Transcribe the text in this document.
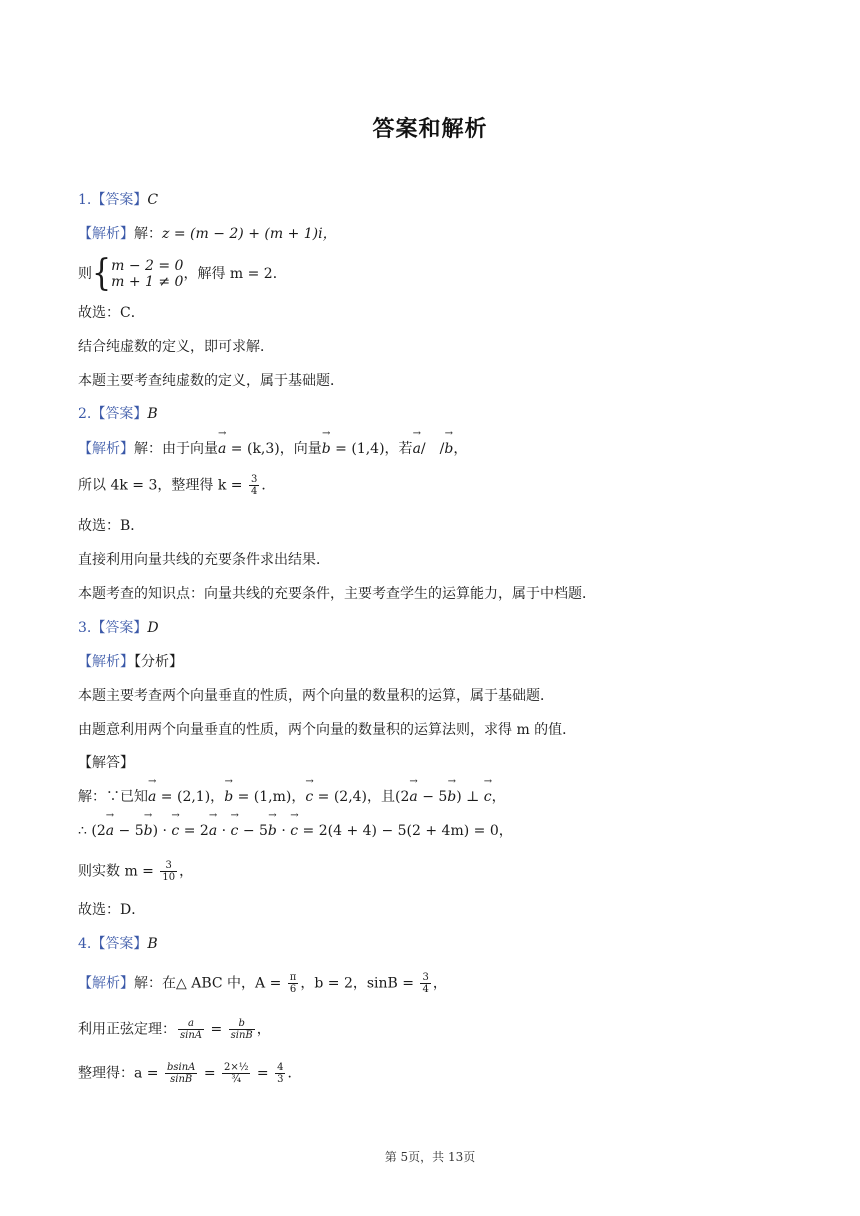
答案和解析
1.【答案】C
【解析】解：z = (m − 2) + (m + 1)i，
则{ m − 2 = 0
m + 1 ≠ 0 ，解得 m = 2．
故选：C．
结合纯虚数的定义，即可求解．
本题主要考查纯虚数的定义，属于基础题．
2.【答案】B
【解析】解：由于向量→ a = (k,3)，向量→ b = (1,4)，若→ a/　/→ b，
所以 4k = 3，整理得 $k = \frac{3}{4}$ ．
故选：B．
直接利用向量共线的充要条件求出结果．
本题考查的知识点：向量共线的充要条件，主要考查学生的运算能力，属于中档题．
3.【答案】D
【解析】【分析】
本题主要考查两个向量垂直的性质，两个向量的数量积的运算，属于基础题．
由题意利用两个向量垂直的性质，两个向量的数量积的运算法则，求得 m 的值．
【解答】
解：∵已知→ a = (2,1)，→ b = (1,m)，→ c = (2,4)，且(2→ a − 5→ b) ⊥ → c，
∴ (2→ a − 5→ b) · → c = 2→ a · → c − 5→ b · → c = 2(4 + 4) − 5(2 + 4m) = 0，
则实数 $m = \frac{3}{10}$ ，
故选：D．
4.【答案】B
【解析】解：在△ ABC 中，$A = \frac{\pi}{6}$ ，b = 2，$\sin B = \frac{3}{4}$ ，
利用正弦定理： $\frac{a}{\sin A} = \frac{b}{\sin B}$ ，
整理得：$a = \frac{bsinA}{\sin B} = \frac{\text{2×½}}{\text{¾}} = \frac{4}{3}$ ．
第 5页，共 13页
